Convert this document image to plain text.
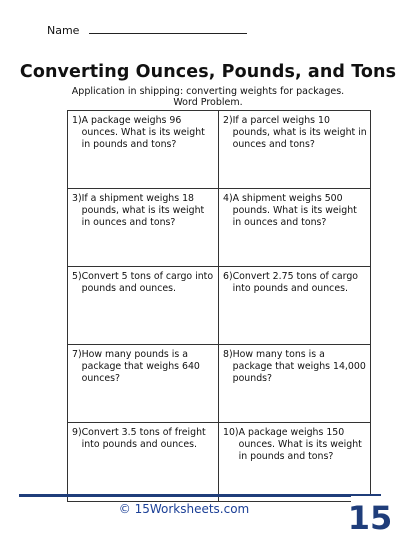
Name
Converting Ounces, Pounds, and Tons
Application in shipping: converting weights for packages.
Word Problem.
1) A package weighs 96 ounces. What is its weight in pounds and tons?
2) If a parcel weighs 10 pounds, what is its weight in ounces and tons?
3) If a shipment weighs 18 pounds, what is its weight in ounces and tons?
4) A shipment weighs 500 pounds. What is its weight in ounces and tons?
5) Convert 5 tons of cargo into pounds and ounces.
6) Convert 2.75 tons of cargo into pounds and ounces.
7) How many pounds is a package that weighs 640 ounces?
8) How many tons is a package that weighs 14,000 pounds?
9) Convert 3.5 tons of freight into pounds and ounces.
10) A package weighs 150 ounces. What is its weight in pounds and tons?
© 15Worksheets.com	15
